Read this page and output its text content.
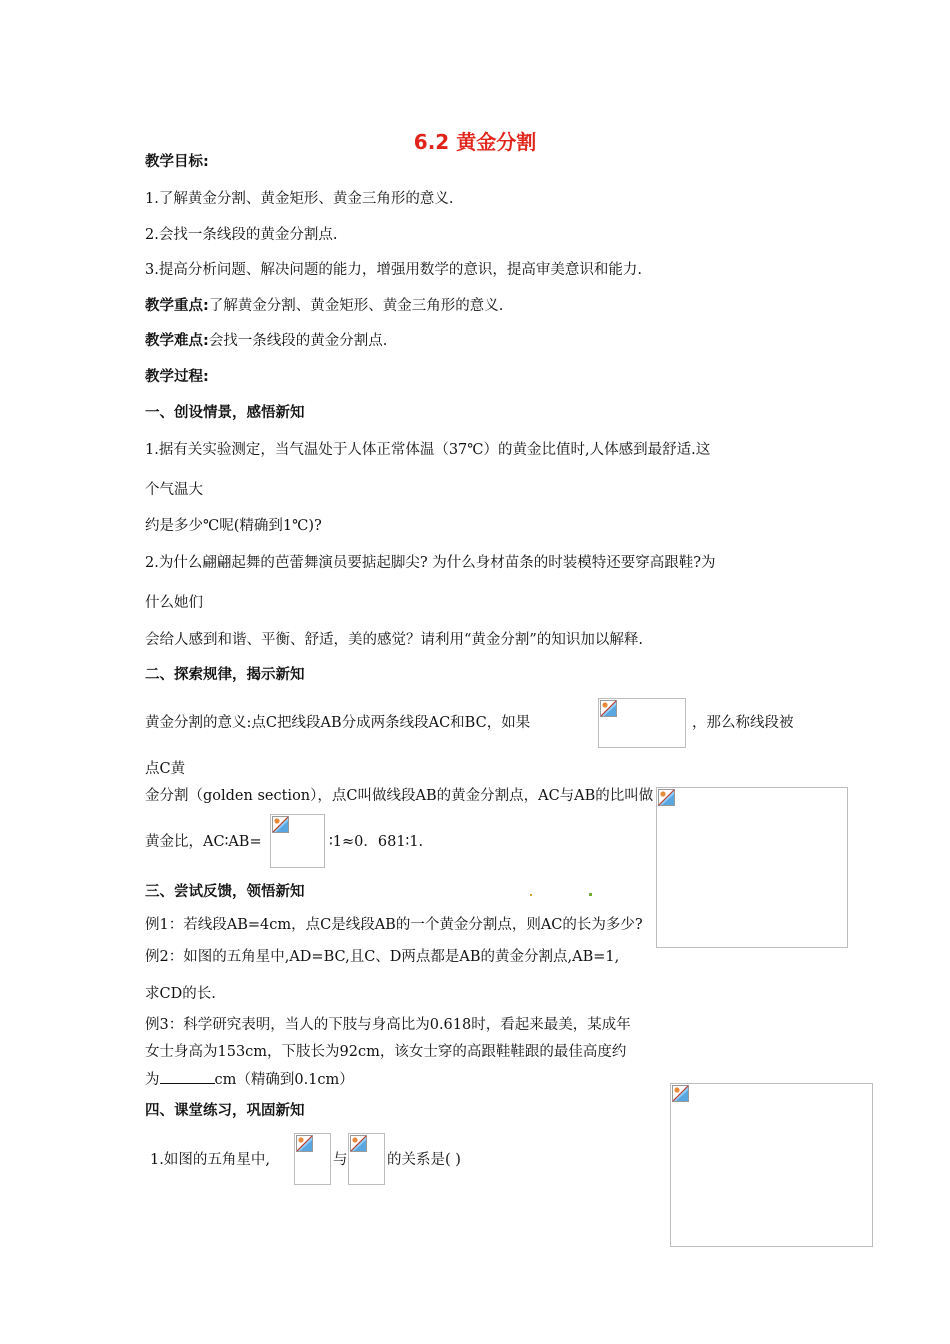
6.2 黄金分割
教学目标:
1.了解黄金分割、黄金矩形、黄金三角形的意义.
2.会找一条线段的黄金分割点.
3.提高分析问题、解决问题的能力，增强用数学的意识，提高审美意识和能力.
教学重点:了解黄金分割、黄金矩形、黄金三角形的意义.
教学难点:会找一条线段的黄金分割点.
教学过程:
一、创设情景，感悟新知
1.据有关实验测定，当气温处于人体正常体温（37℃）的黄金比值时,人体感到最舒适.这
个气温大
约是多少℃呢(精确到1℃)?
2.为什么翩翩起舞的芭蕾舞演员要掂起脚尖? 为什么身材苗条的时装模特还要穿高跟鞋?为
什么她们
会给人感到和谐、平衡、舒适，美的感觉？请利用“黄金分割”的知识加以解释.
二、探索规律，揭示新知
黄金分割的意义:点C把线段AB分成两条线段AC和BC，如果	，那么称线段被
点C黄
金分割（golden section），点C叫做线段AB的黄金分割点，AC与AB的比叫做
黄金比，AC∶AB=	∶1≈0．681∶1.
三、尝试反馈，领悟新知
例1：若线段AB=4cm，点C是线段AB的一个黄金分割点，则AC的长为多少?
例2：如图的五角星中,AD=BC,且C、D两点都是AB的黄金分割点,AB=1,
求CD的长.
例3：科学研究表明，当人的下肢与身高比为0.618时，看起来最美，某成年
女士身高为153cm，下肢长为92cm，该女士穿的高跟鞋鞋跟的最佳高度约
为	cm（精确到0.1cm）
四、课堂练习，巩固新知
1.如图的五角星中,	与	的关系是( )
